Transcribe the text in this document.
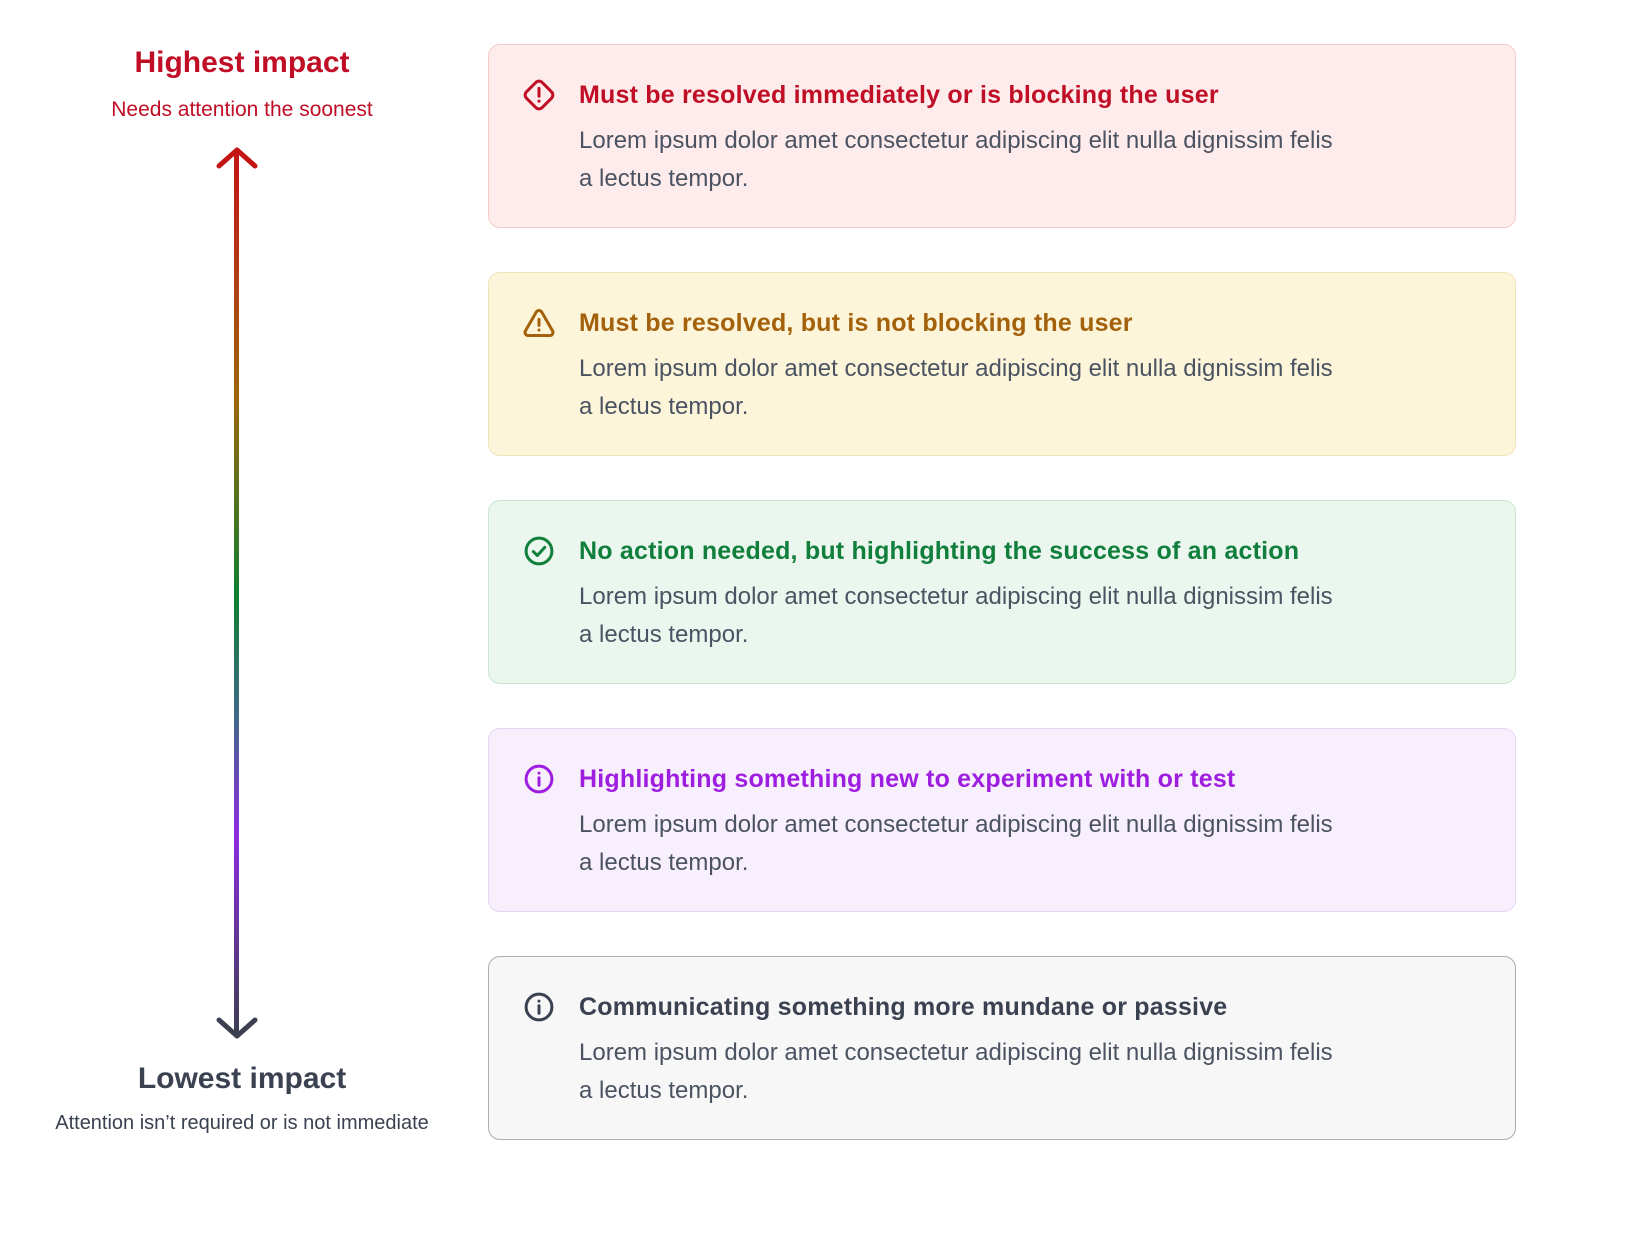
Highest impact
Needs attention the soonest
Lowest impact
Attention isn’t required or is not immediate
Must be resolved immediately or is blocking the user

Lorem ipsum dolor amet consectetur adipiscing elit nulla dignissim felis
a lectus tempor.

Must be resolved, but is not blocking the user

Lorem ipsum dolor amet consectetur adipiscing elit nulla dignissim felis
a lectus tempor.

No action needed, but highlighting the success of an action

Lorem ipsum dolor amet consectetur adipiscing elit nulla dignissim felis
a lectus tempor.

Highlighting something new to experiment with or test

Lorem ipsum dolor amet consectetur adipiscing elit nulla dignissim felis
a lectus tempor.

Communicating something more mundane or passive

Lorem ipsum dolor amet consectetur adipiscing elit nulla dignissim felis
a lectus tempor.
